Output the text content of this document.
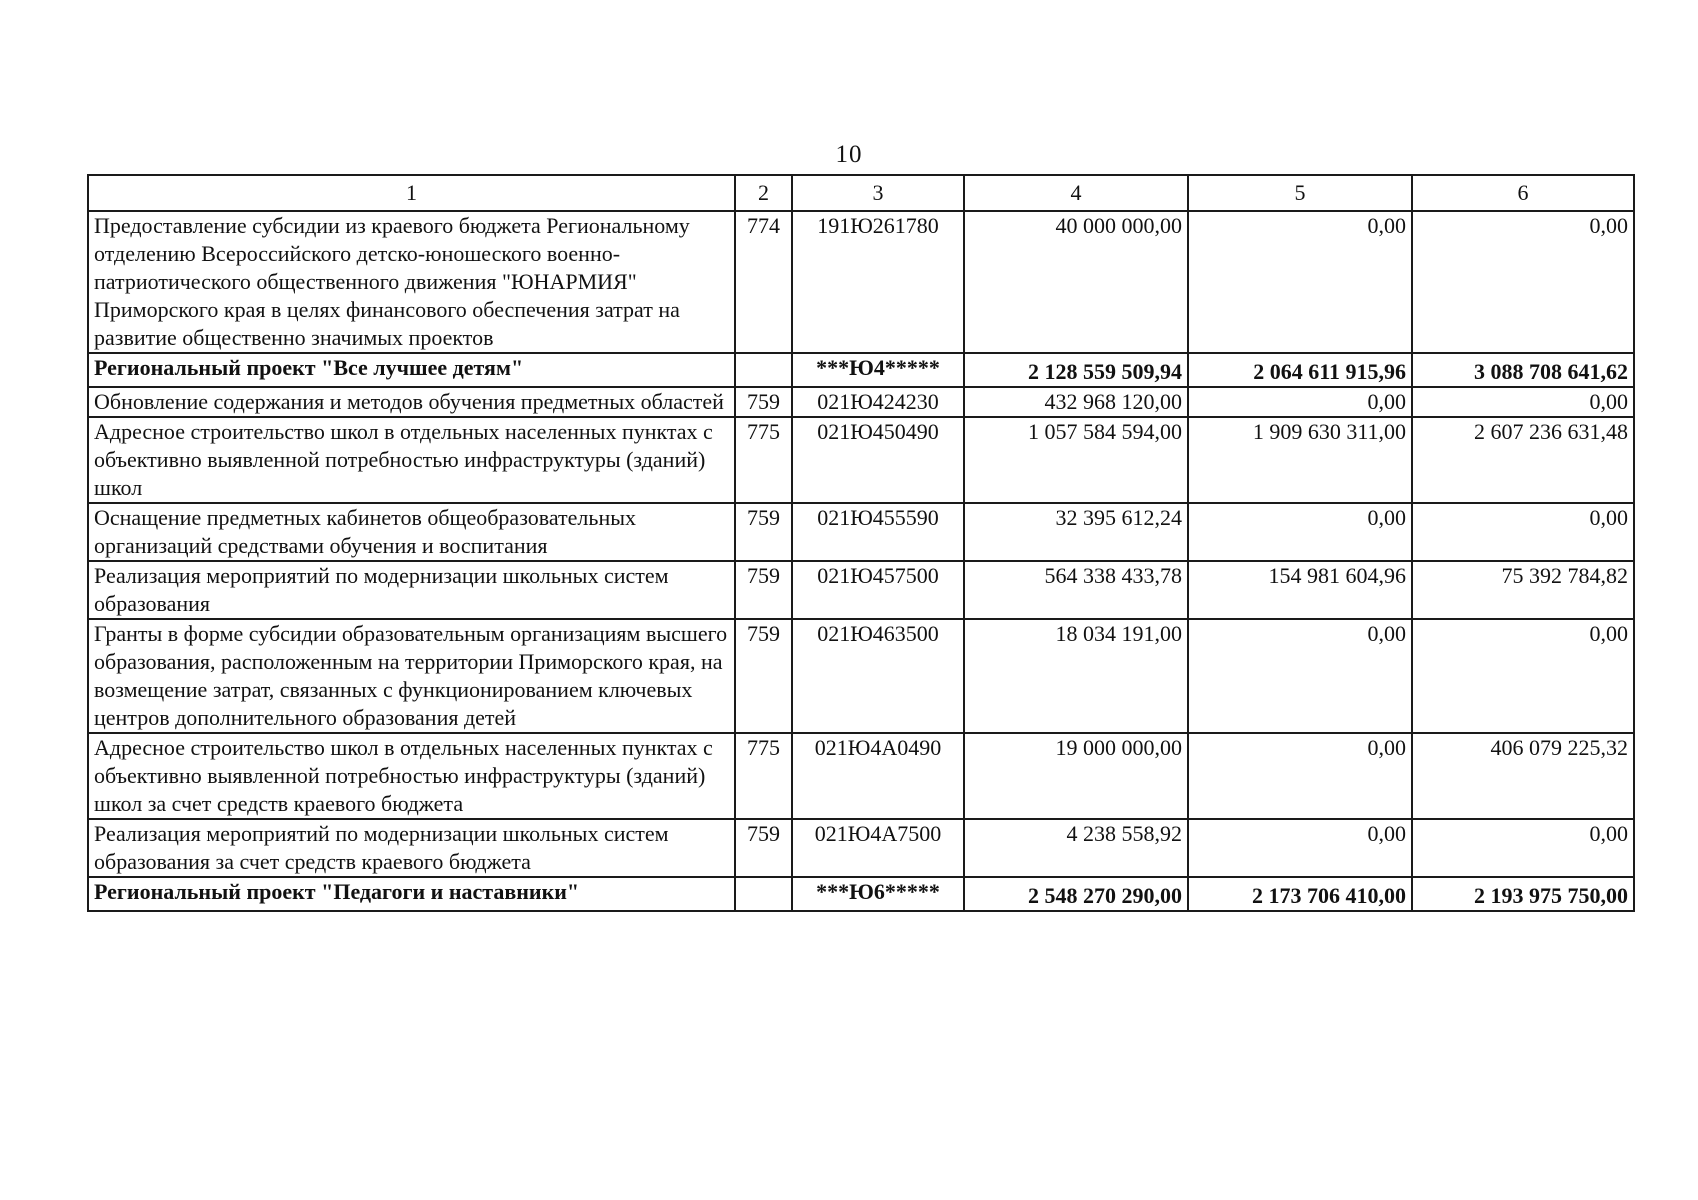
10
1	2	3	4	5	6
Предоставление субсидии из краевого бюджета Региональному отделению Всероссийского детско-юношеского военно-патриотического общественного движения "ЮНАРМИЯ" Приморского края в целях финансового обеспечения затрат на развитие общественно значимых проектов	774	191Ю261780	40 000 000,00	0,00	0,00
Региональный проект "Все лучшее детям"		***Ю4*****	2 128 559 509,94	2 064 611 915,96	3 088 708 641,62
Обновление содержания и методов обучения предметных областей	759	021Ю424230	432 968 120,00	0,00	0,00
Адресное строительство школ в отдельных населенных пунктах с объективно выявленной потребностью инфраструктуры (зданий) школ	775	021Ю450490	1 057 584 594,00	1 909 630 311,00	2 607 236 631,48
Оснащение предметных кабинетов общеобразовательных организаций средствами обучения и воспитания	759	021Ю455590	32 395 612,24	0,00	0,00
Реализация мероприятий по модернизации школьных систем образования	759	021Ю457500	564 338 433,78	154 981 604,96	75 392 784,82
Гранты в форме субсидии образовательным организациям высшего образования, расположенным на территории Приморского края, на возмещение затрат, связанных с функционированием ключевых центров дополнительного образования детей	759	021Ю463500	18 034 191,00	0,00	0,00
Адресное строительство школ в отдельных населенных пунктах с объективно выявленной потребностью инфраструктуры (зданий) школ за счет средств краевого бюджета	775	021Ю4А0490	19 000 000,00	0,00	406 079 225,32
Реализация мероприятий по модернизации школьных систем образования за счет средств краевого бюджета	759	021Ю4А7500	4 238 558,92	0,00	0,00
Региональный проект "Педагоги и наставники"		***Ю6*****	2 548 270 290,00	2 173 706 410,00	2 193 975 750,00
